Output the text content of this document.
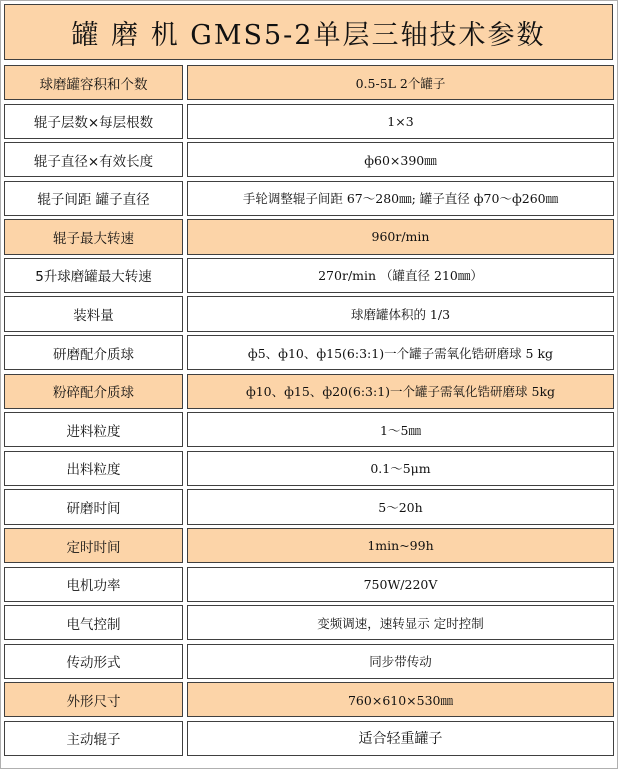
罐 磨 机 GMS5-2单层三轴技术参数
球磨罐容积和个数	0.5-5L 2个罐子
辊子层数×每层根数	1×3
辊子直径×有效长度	ф60×390㎜
辊子间距 罐子直径	手轮调整辊子间距 67～280㎜; 罐子直径 ф70～ф260㎜
辊子最大转速	960r/min
5升球磨罐最大转速	270r/min （罐直径 210㎜）
装料量	球磨罐体积的 1/3
研磨配介质球	ф5、ф10、ф15(6:3:1)一个罐子需氧化锆研磨球 5 kg
粉碎配介质球	ф10、ф15、ф20(6:3:1)一个罐子需氧化锆研磨球 5kg
进料粒度	1～5㎜
出料粒度	0.1～5μm
研磨时间	5～20h
定时时间	1min~99h
电机功率	750W/220V
电气控制	变频调速，速转显示 定时控制
传动形式	同步带传动
外形尺寸	760×610×530㎜
主动辊子	适合轻重罐子
